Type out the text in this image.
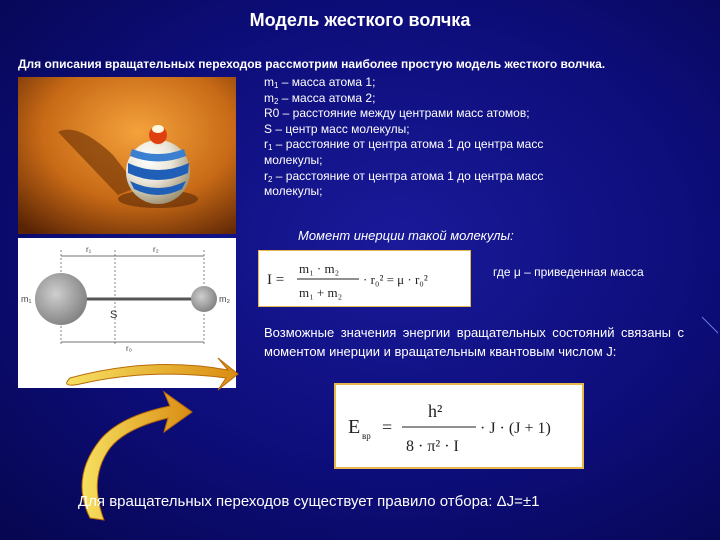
Модель жесткого волчка
Для описания вращательных переходов рассмотрим наиболее простую модель жесткого волчка.
r₁	r₂
r₀
m₁	m₂
S
$m_1$ – масса атома 1;
$m_2$ – масса атома 2;
R0 – расстояние между центрами масс атомов;
S – центр масс молекулы;
$r_1$ – расстояние от центра атома 1 до центра масс
молекулы;
$r_2$ – расстояние от центра атома 1 до центра масс
молекулы;
Момент инерции такой молекулы:
I =
m₁ · m₂
m₁ + m₂
· r₀² = μ · r₀²	где μ – приведенная масса
Возможные значения энергии вращательных состояний связаны с моментом инерции и вращательным квантовым числом J:
E вр =
h²
8 · π² · I
· J · (J + 1)
Для вращательных переходов существует правило отбора: ΔJ=±1
